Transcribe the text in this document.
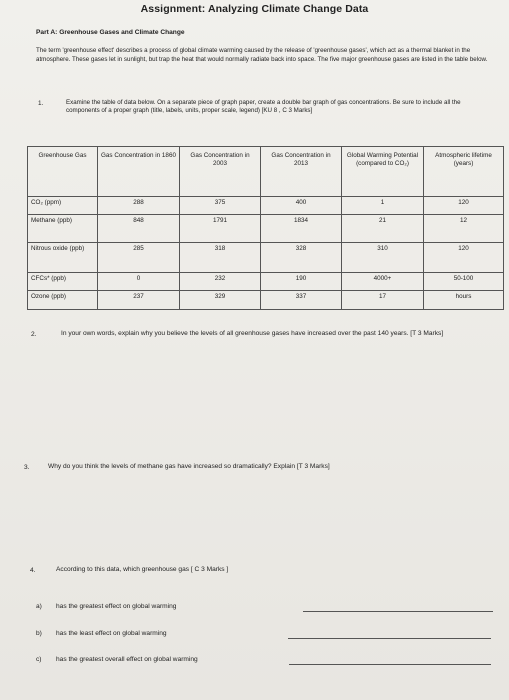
Assignment: Analyzing Climate Change Data
Part A: Greenhouse Gases and Climate Change
The term 'greenhouse effect' describes a process of global climate warming caused by the release of 'greenhouse gases', which act as a thermal blanket in the atmosphere. These gases let in sunlight, but trap the heat that would normally radiate back into space. The five major greenhouse gases are listed in the table below.
1.	Examine the table of data below. On a separate piece of graph paper, create a double bar graph of gas concentrations. Be sure to include all the components of a proper graph (title, labels, units, proper scale, legend) [KU 8 , C 3 Marks]
Greenhouse Gas	Gas Concentration in 1860	Gas Concentration in 2003	Gas Concentration in 2013	Global Warming Potential (compared to CO₂)	Atmospheric lifetime (years)
CO₂ (ppm)	288	375	400	1	120
Methane (ppb)	848	1791	1834	21	12
Nitrous oxide (ppb)	285	318	328	310	120
CFCs* (ppb)	0	232	190	4000+	50-100
Ozone (ppb)	237	329	337	17	hours
2.	In your own words, explain why you believe the levels of all greenhouse gases have increased over the past 140 years. [T 3 Marks]
3.	Why do you think the levels of methane gas have increased so dramatically? Explain [T 3 Marks]
4.	According to this data, which greenhouse gas [ C 3 Marks ]
a) has the greatest effect on global warming
b) has the least effect on global warming
c) has the greatest overall effect on global warming
